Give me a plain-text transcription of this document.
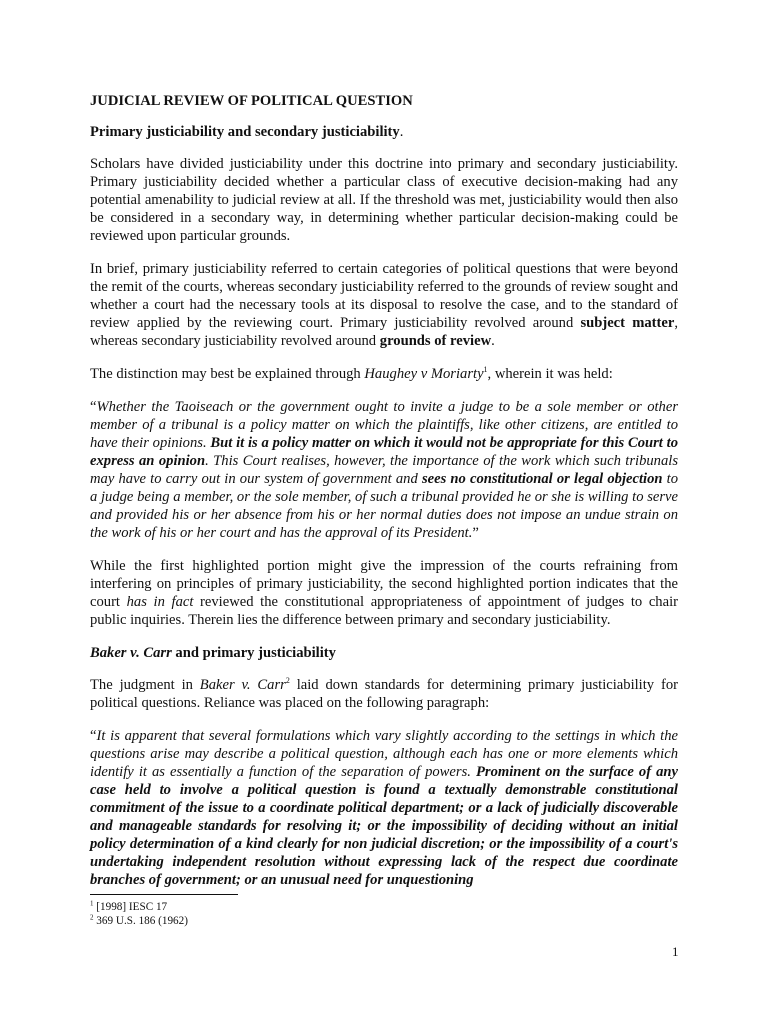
JUDICIAL REVIEW OF POLITICAL QUESTION

Primary justiciability and secondary justiciability.

Scholars have divided justiciability under this doctrine into primary and secondary justiciability. Primary justiciability decided whether a particular class of executive decision-making had any potential amenability to judicial review at all. If the threshold was met, justiciability would then also be considered in a secondary way, in determining whether particular decision-making could be reviewed upon particular grounds.

In brief, primary justiciability referred to certain categories of political questions that were beyond the remit of the courts, whereas secondary justiciability referred to the grounds of review sought and whether a court had the necessary tools at its disposal to resolve the case, and to the standard of review applied by the reviewing court. Primary justiciability revolved around subject matter, whereas secondary justiciability revolved around grounds of review.

The distinction may best be explained through Haughey v Moriarty$^1$, wherein it was held:

“Whether the Taoiseach or the government ought to invite a judge to be a sole member or other member of a tribunal is a policy matter on which the plaintiffs, like other citizens, are entitled to have their opinions. But it is a policy matter on which it would not be appropriate for this Court to express an opinion. This Court realises, however, the importance of the work which such tribunals may have to carry out in our system of government and sees no constitutional or legal objection to a judge being a member, or the sole member, of such a tribunal provided he or she is willing to serve and provided his or her absence from his or her normal duties does not impose an undue strain on the work of his or her court and has the approval of its President.”

While the first highlighted portion might give the impression of the courts refraining from interfering on principles of primary justiciability, the second highlighted portion indicates that the court has in fact reviewed the constitutional appropriateness of appointment of judges to chair public inquiries. Therein lies the difference between primary and secondary justiciability.

Baker v. Carr and primary justiciability

The judgment in Baker v. Carr$^2$ laid down standards for determining primary justiciability for political questions. Reliance was placed on the following paragraph:

“It is apparent that several formulations which vary slightly according to the settings in which the questions arise may describe a political question, although each has one or more elements which identify it as essentially a function of the separation of powers. Prominent on the surface of any case held to involve a political question is found a textually demonstrable constitutional commitment of the issue to a coordinate political department; or a lack of judicially discoverable and manageable standards for resolving it; or the impossibility of deciding without an initial policy determination of a kind clearly for non judicial discretion; or the impossibility of a court's undertaking independent resolution without expressing lack of the respect due coordinate branches of government; or an unusual need for unquestioning

$^1$ [1998] IESC 17
$^2$ 369 U.S. 186 (1962)
1
